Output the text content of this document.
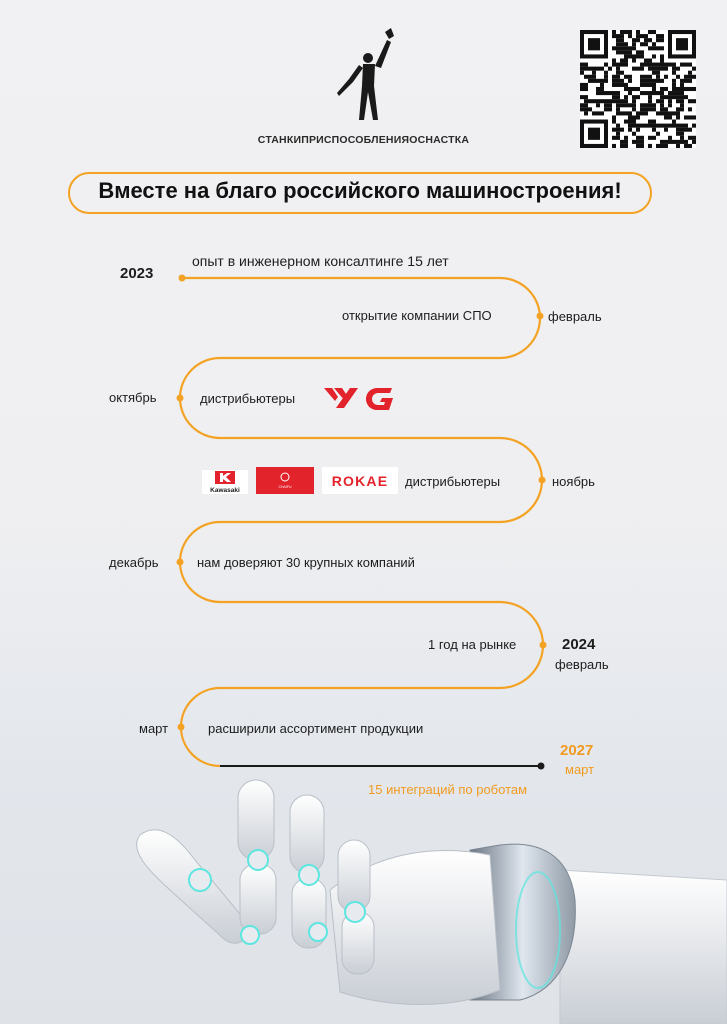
СТАНКИПРИСПОСОБЛЕНИЯОСНАСТКА
Вместе на благо российского машиностроения!
2023
опыт в инженерном консалтинге 15 лет
открытие компании СПО	февраль
октябрь	дистрибьютеры
Kawasaki	CHAIFU	ROKAE дистрибьютеры	ноябрь
декабрь	нам доверяют 30 крупных компаний
1 год на рынке	2024
февраль
март	расширили ассортимент продукции
2027
март
15 интеграций по роботам
